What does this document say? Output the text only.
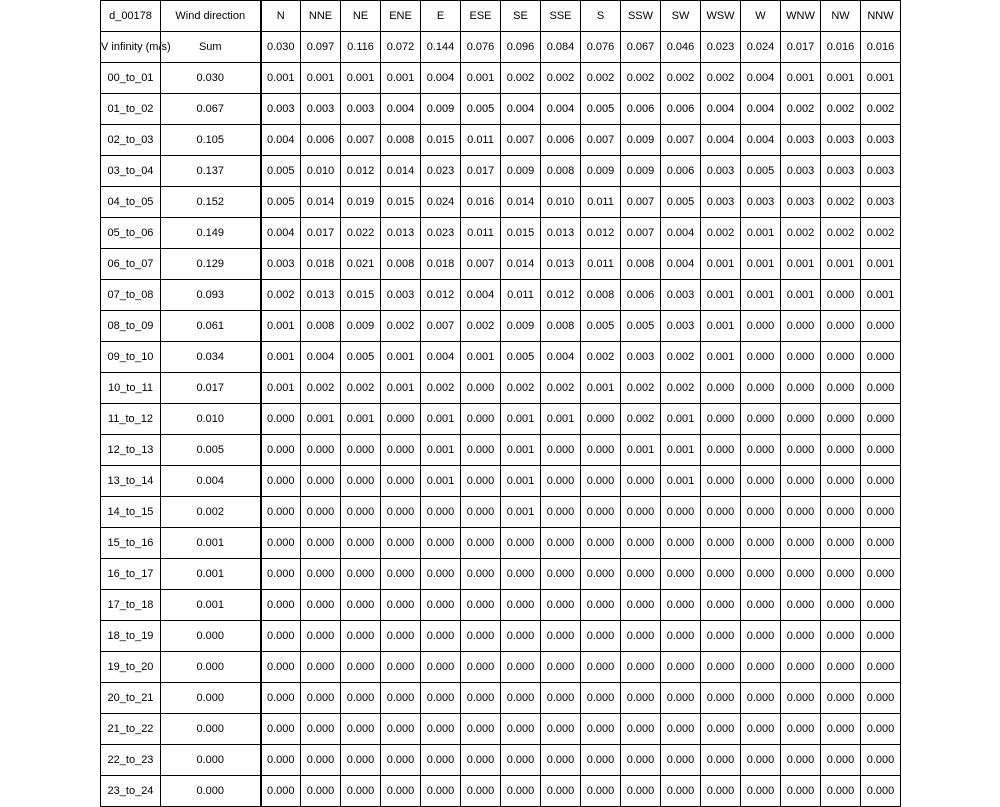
d_00178	Wind direction	N	NNE	NE	ENE	E	ESE	SE	SSE	S	SSW	SW	WSW	W	WNW	NW	NNW
V infinity (m/s)	Sum	0.030	0.097	0.116	0.072	0.144	0.076	0.096	0.084	0.076	0.067	0.046	0.023	0.024	0.017	0.016	0.016
00_to_01	0.030	0.001	0.001	0.001	0.001	0.004	0.001	0.002	0.002	0.002	0.002	0.002	0.002	0.004	0.001	0.001	0.001
01_to_02	0.067	0.003	0.003	0.003	0.004	0.009	0.005	0.004	0.004	0.005	0.006	0.006	0.004	0.004	0.002	0.002	0.002
02_to_03	0.105	0.004	0.006	0.007	0.008	0.015	0.011	0.007	0.006	0.007	0.009	0.007	0.004	0.004	0.003	0.003	0.003
03_to_04	0.137	0.005	0.010	0.012	0.014	0.023	0.017	0.009	0.008	0.009	0.009	0.006	0.003	0.005	0.003	0.003	0.003
04_to_05	0.152	0.005	0.014	0.019	0.015	0.024	0.016	0.014	0.010	0.011	0.007	0.005	0.003	0.003	0.003	0.002	0.003
05_to_06	0.149	0.004	0.017	0.022	0.013	0.023	0.011	0.015	0.013	0.012	0.007	0.004	0.002	0.001	0.002	0.002	0.002
06_to_07	0.129	0.003	0.018	0.021	0.008	0.018	0.007	0.014	0.013	0.011	0.008	0.004	0.001	0.001	0.001	0.001	0.001
07_to_08	0.093	0.002	0.013	0.015	0.003	0.012	0.004	0.011	0.012	0.008	0.006	0.003	0.001	0.001	0.001	0.000	0.001
08_to_09	0.061	0.001	0.008	0.009	0.002	0.007	0.002	0.009	0.008	0.005	0.005	0.003	0.001	0.000	0.000	0.000	0.000
09_to_10	0.034	0.001	0.004	0.005	0.001	0.004	0.001	0.005	0.004	0.002	0.003	0.002	0.001	0.000	0.000	0.000	0.000
10_to_11	0.017	0.001	0.002	0.002	0.001	0.002	0.000	0.002	0.002	0.001	0.002	0.002	0.000	0.000	0.000	0.000	0.000
11_to_12	0.010	0.000	0.001	0.001	0.000	0.001	0.000	0.001	0.001	0.000	0.002	0.001	0.000	0.000	0.000	0.000	0.000
12_to_13	0.005	0.000	0.000	0.000	0.000	0.001	0.000	0.001	0.000	0.000	0.001	0.001	0.000	0.000	0.000	0.000	0.000
13_to_14	0.004	0.000	0.000	0.000	0.000	0.001	0.000	0.001	0.000	0.000	0.000	0.001	0.000	0.000	0.000	0.000	0.000
14_to_15	0.002	0.000	0.000	0.000	0.000	0.000	0.000	0.001	0.000	0.000	0.000	0.000	0.000	0.000	0.000	0.000	0.000
15_to_16	0.001	0.000	0.000	0.000	0.000	0.000	0.000	0.000	0.000	0.000	0.000	0.000	0.000	0.000	0.000	0.000	0.000
16_to_17	0.001	0.000	0.000	0.000	0.000	0.000	0.000	0.000	0.000	0.000	0.000	0.000	0.000	0.000	0.000	0.000	0.000
17_to_18	0.001	0.000	0.000	0.000	0.000	0.000	0.000	0.000	0.000	0.000	0.000	0.000	0.000	0.000	0.000	0.000	0.000
18_to_19	0.000	0.000	0.000	0.000	0.000	0.000	0.000	0.000	0.000	0.000	0.000	0.000	0.000	0.000	0.000	0.000	0.000
19_to_20	0.000	0.000	0.000	0.000	0.000	0.000	0.000	0.000	0.000	0.000	0.000	0.000	0.000	0.000	0.000	0.000	0.000
20_to_21	0.000	0.000	0.000	0.000	0.000	0.000	0.000	0.000	0.000	0.000	0.000	0.000	0.000	0.000	0.000	0.000	0.000
21_to_22	0.000	0.000	0.000	0.000	0.000	0.000	0.000	0.000	0.000	0.000	0.000	0.000	0.000	0.000	0.000	0.000	0.000
22_to_23	0.000	0.000	0.000	0.000	0.000	0.000	0.000	0.000	0.000	0.000	0.000	0.000	0.000	0.000	0.000	0.000	0.000
23_to_24	0.000	0.000	0.000	0.000	0.000	0.000	0.000	0.000	0.000	0.000	0.000	0.000	0.000	0.000	0.000	0.000	0.000
